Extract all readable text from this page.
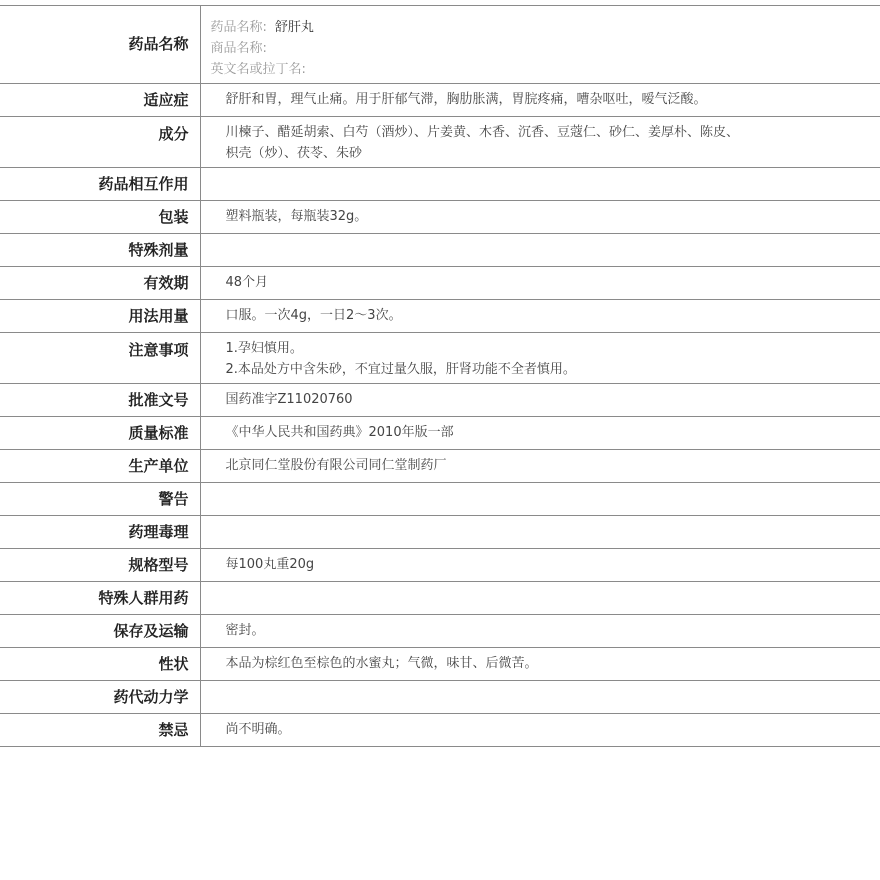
药品名称	药品名称: 舒肝丸
商品名称:
英文名或拉丁名:

适应症	舒肝和胃，理气止痛。用于肝郁气滞，胸肋胀满，胃脘疼痛，嘈杂呕吐，嗳气泛酸。
成分	川楝子、醋延胡索、白芍（酒炒）、片姜黄、木香、沉香、豆蔻仁、砂仁、姜厚朴、陈皮、
枳壳（炒）、茯苓、朱砂

药品相互作用	
包装	塑料瓶装，每瓶装32g。
特殊剂量	
有效期	48个月
用法用量	口服。一次4g，一日2～3次。
注意事项	1.孕妇慎用。
2.本品处方中含朱砂，不宜过量久服，肝肾功能不全者慎用。

批准文号	国药准字Z11020760
质量标准	《中华人民共和国药典》2010年版一部
生产单位	北京同仁堂股份有限公司同仁堂制药厂
警告	
药理毒理	
规格型号	每100丸重20g
特殊人群用药	
保存及运输	密封。
性状	本品为棕红色至棕色的水蜜丸；气微，味甘、后微苦。
药代动力学	
禁忌	尚不明确。
